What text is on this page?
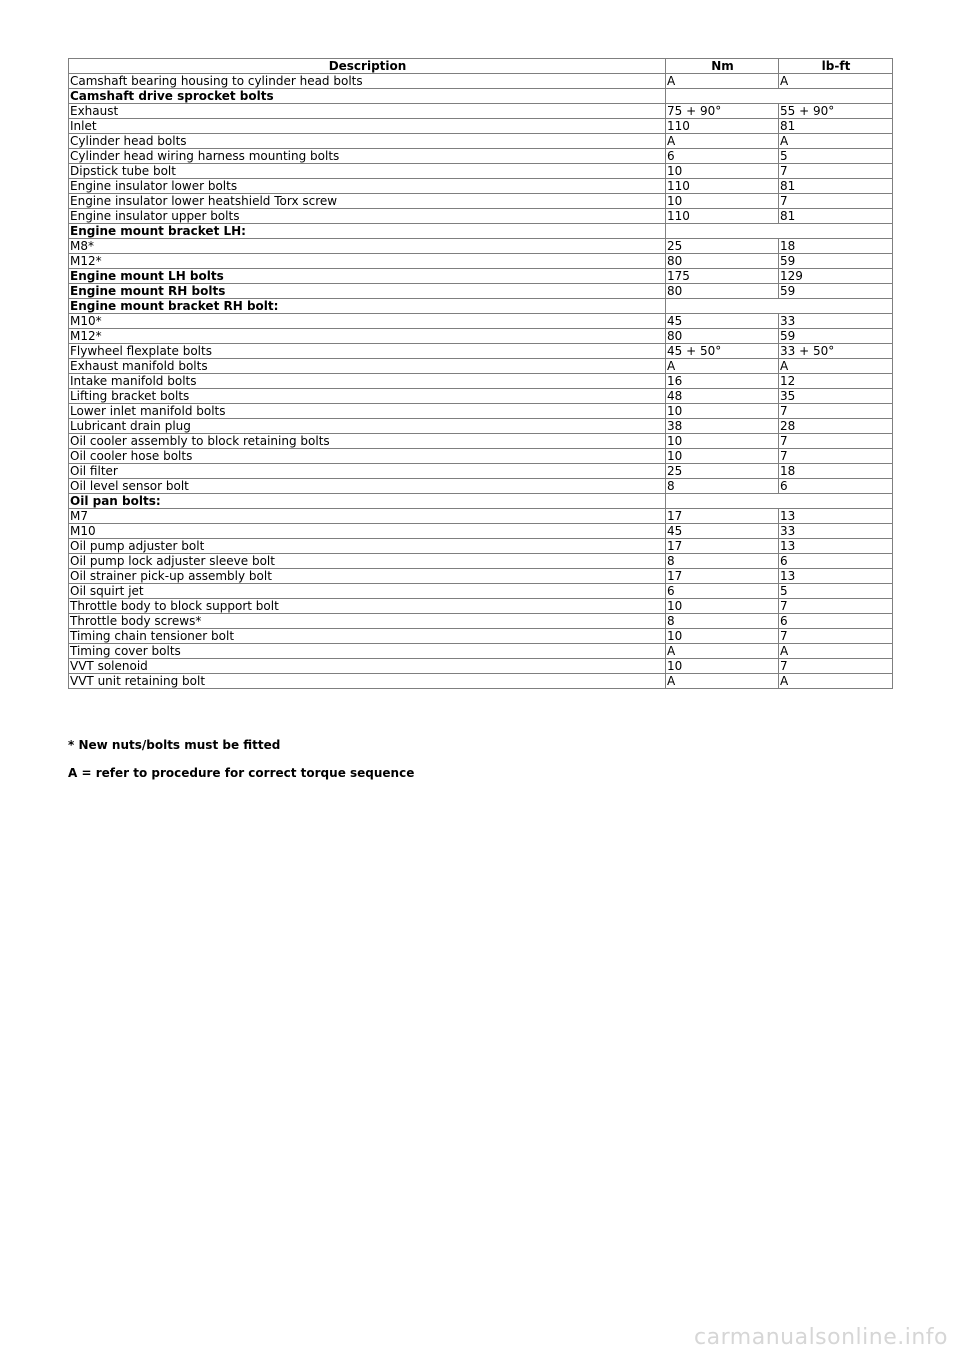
Description	Nm	lb-ft
Camshaft bearing housing to cylinder head bolts	A	A
Camshaft drive sprocket bolts		
Exhaust	75 + 90°	55 + 90°
Inlet	110	81
Cylinder head bolts	A	A
Cylinder head wiring harness mounting bolts	6	5
Dipstick tube bolt	10	7
Engine insulator lower bolts	110	81
Engine insulator lower heatshield Torx screw	10	7
Engine insulator upper bolts	110	81
Engine mount bracket LH:		
M8*	25	18
M12*	80	59
Engine mount LH bolts	175	129
Engine mount RH bolts	80	59
Engine mount bracket RH bolt:		
M10*	45	33
M12*	80	59
Flywheel flexplate bolts	45 + 50°	33 + 50°
Exhaust manifold bolts	A	A
Intake manifold bolts	16	12
Lifting bracket bolts	48	35
Lower inlet manifold bolts	10	7
Lubricant drain plug	38	28
Oil cooler assembly to block retaining bolts	10	7
Oil cooler hose bolts	10	7
Oil filter	25	18
Oil level sensor bolt	8	6
Oil pan bolts:		
M7	17	13
M10	45	33
Oil pump adjuster bolt	17	13
Oil pump lock adjuster sleeve bolt	8	6
Oil strainer pick-up assembly bolt	17	13
Oil squirt jet	6	5
Throttle body to block support bolt	10	7
Throttle body screws*	8	6
Timing chain tensioner bolt	10	7
Timing cover bolts	A	A
VVT solenoid	10	7
VVT unit retaining bolt	A	A
* New nuts/bolts must be fitted
A = refer to procedure for correct torque sequence
carmanualsonline.info
